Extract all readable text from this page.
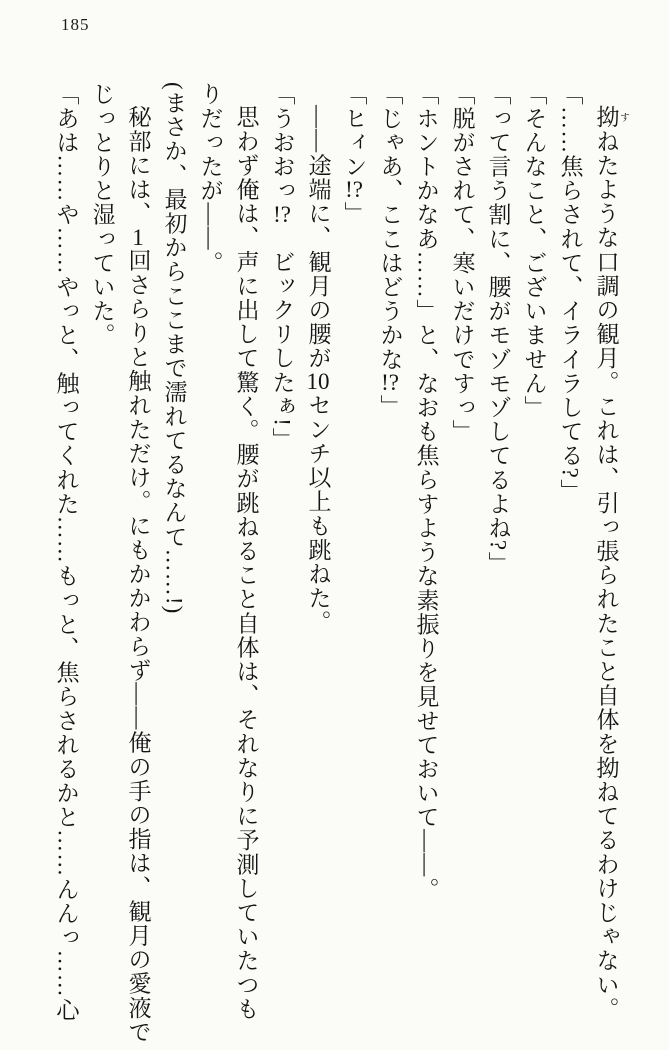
185

拗 すねたような口調の観月。これは、引っ張られたこと自体を拗ねてるわけじゃない。

「……焦らされて、イライラしてる?」

「そんなこと、ございません」

「って言う割に、腰がモゾモゾしてるよね?」

「脱がされて、寒いだけですっ」

「ホントかなあ……」と、なおも焦らすような素振りを見せておいて――。

「じゃあ、ここはどうかな!?」

「ヒィン!?」

――途端に、観月の腰が10センチ以上も跳ねた。

「うおおっ!?　ビックリしたぁ!」

思わず俺は、声に出して驚く。腰が跳ねること自体は、それなりに予測していたつもりだったが――。

(まさか、最初からここまで濡れてるなんて……!)

秘部には、1回さらりと触れただけ。にもかかわらず――俺の手の指は、観月の愛液でじっとりと湿っていた。

「あは……や……やっと、触ってくれた……もっと、焦らされるかと……んんっ……心
